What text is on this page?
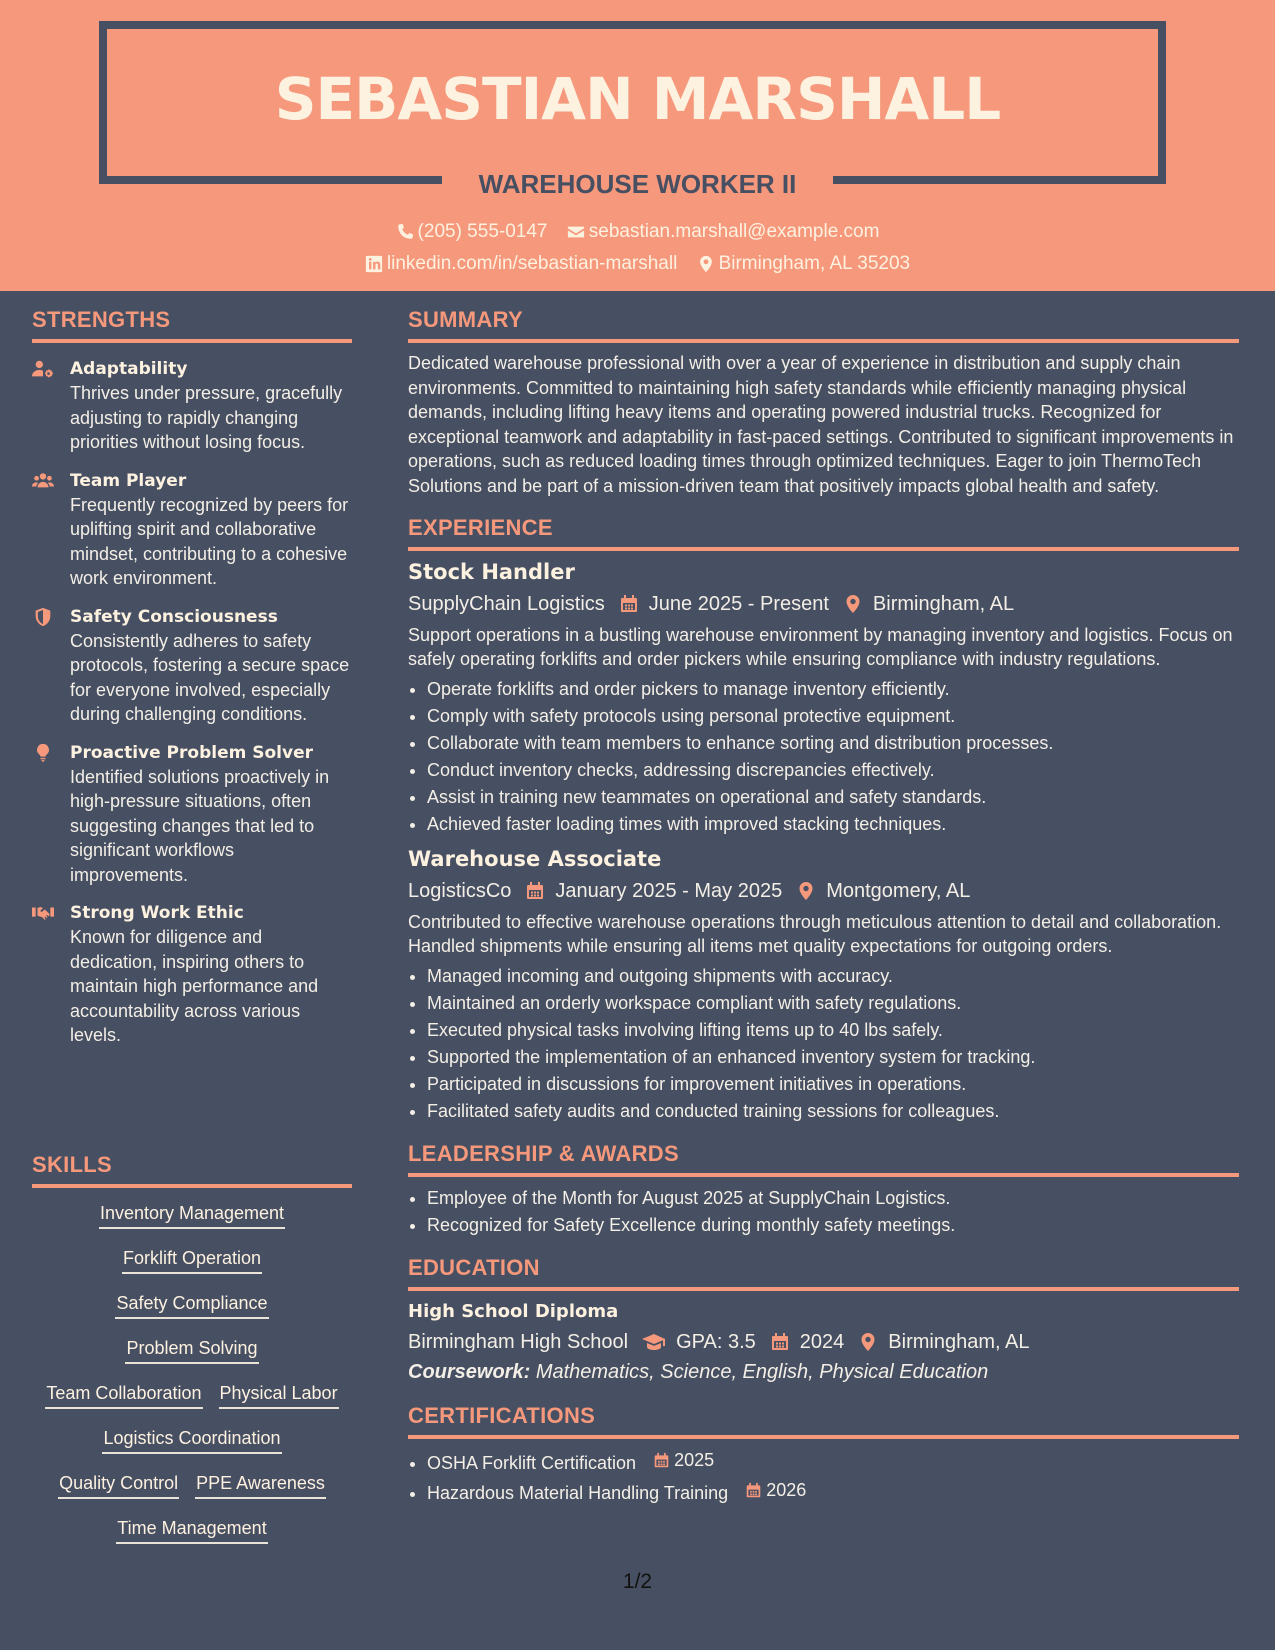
SEBASTIAN MARSHALL
WAREHOUSE WORKER II
(205) 555-0147
sebastian.marshall@example.com
linkedin.com/in/sebastian-marshall
Birmingham, AL 35203
STRENGTHS
Adaptability
Thrives under pressure, gracefully adjusting to rapidly changing priorities without losing focus.
Team Player
Frequently recognized by peers for uplifting spirit and collaborative mindset, contributing to a cohesive work environment.
Safety Consciousness
Consistently adheres to safety protocols, fostering a secure space for everyone involved, especially during challenging conditions.
Proactive Problem Solver
Identified solutions proactively in high-pressure situations, often suggesting changes that led to significant workflows improvements.
Strong Work Ethic
Known for diligence and dedication, inspiring others to maintain high performance and accountability across various levels.
SKILLS
Inventory Management
Forklift Operation
Safety Compliance
Problem Solving
Team Collaboration Physical Labor
Logistics Coordination
Quality Control PPE Awareness
Time Management
SUMMARY

Dedicated warehouse professional with over a year of experience in distribution and supply chain environments. Committed to maintaining high safety standards while efficiently managing physical demands, including lifting heavy items and operating powered industrial trucks. Recognized for exceptional teamwork and adaptability in fast-paced settings. Contributed to significant improvements in operations, such as reduced loading times through optimized techniques. Eager to join ThermoTech Solutions and be part of a mission-driven team that positively impacts global health and safety.

EXPERIENCE
Stock Handler
SupplyChain Logistics June 2025 - Present Birmingham, AL

Support operations in a bustling warehouse environment by managing inventory and logistics. Focus on safely operating forklifts and order pickers while ensuring compliance with industry regulations.

• Operate forklifts and order pickers to manage inventory efficiently.
• Comply with safety protocols using personal protective equipment.
• Collaborate with team members to enhance sorting and distribution processes.
• Conduct inventory checks, addressing discrepancies effectively.
• Assist in training new teammates on operational and safety standards.
• Achieved faster loading times with improved stacking techniques.
Warehouse Associate
LogisticsCo January 2025 - May 2025 Montgomery, AL

Contributed to effective warehouse operations through meticulous attention to detail and collaboration. Handled shipments while ensuring all items met quality expectations for outgoing orders.

• Managed incoming and outgoing shipments with accuracy.
• Maintained an orderly workspace compliant with safety regulations.
• Executed physical tasks involving lifting items up to 40 lbs safely.
• Supported the implementation of an enhanced inventory system for tracking.
• Participated in discussions for improvement initiatives in operations.
• Facilitated safety audits and conducted training sessions for colleagues.
LEADERSHIP & AWARDS
• Employee of the Month for August 2025 at SupplyChain Logistics.
• Recognized for Safety Excellence during monthly safety meetings.
EDUCATION
High School Diploma
Birmingham High School GPA: 3.5 2024 Birmingham, AL
Coursework: Mathematics, Science, English, Physical Education
CERTIFICATIONS
• OSHA Forklift Certification 2025
• Hazardous Material Handling Training 2026
1/2
